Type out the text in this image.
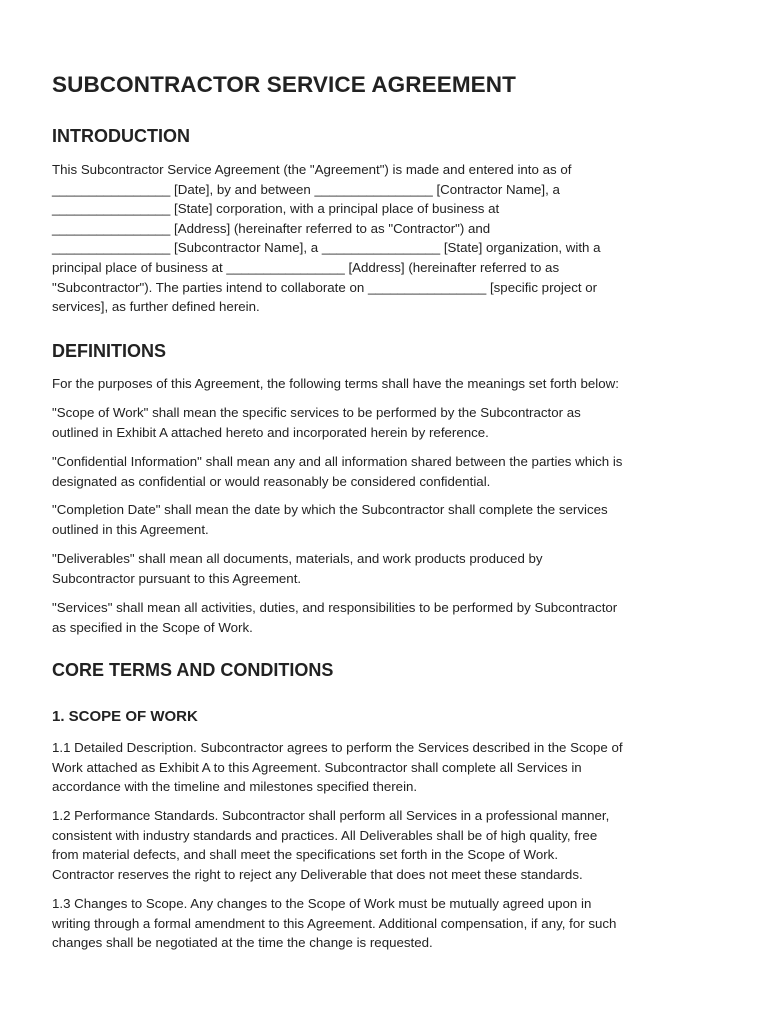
SUBCONTRACTOR SERVICE AGREEMENT
INTRODUCTION
This Subcontractor Service Agreement (the "Agreement") is made and entered into as of
________________ [Date], by and between ________________ [Contractor Name], a
________________ [State] corporation, with a principal place of business at
________________ [Address] (hereinafter referred to as "Contractor") and
________________ [Subcontractor Name], a ________________ [State] organization, with a
principal place of business at ________________ [Address] (hereinafter referred to as
"Subcontractor"). The parties intend to collaborate on ________________ [specific project or
services], as further defined herein.
DEFINITIONS
For the purposes of this Agreement, the following terms shall have the meanings set forth below:
"Scope of Work" shall mean the specific services to be performed by the Subcontractor as
outlined in Exhibit A attached hereto and incorporated herein by reference.
"Confidential Information" shall mean any and all information shared between the parties which is
designated as confidential or would reasonably be considered confidential.
"Completion Date" shall mean the date by which the Subcontractor shall complete the services
outlined in this Agreement.
"Deliverables" shall mean all documents, materials, and work products produced by
Subcontractor pursuant to this Agreement.
"Services" shall mean all activities, duties, and responsibilities to be performed by Subcontractor
as specified in the Scope of Work.
CORE TERMS AND CONDITIONS
1. SCOPE OF WORK
1.1 Detailed Description. Subcontractor agrees to perform the Services described in the Scope of
Work attached as Exhibit A to this Agreement. Subcontractor shall complete all Services in
accordance with the timeline and milestones specified therein.
1.2 Performance Standards. Subcontractor shall perform all Services in a professional manner,
consistent with industry standards and practices. All Deliverables shall be of high quality, free
from material defects, and shall meet the specifications set forth in the Scope of Work.
Contractor reserves the right to reject any Deliverable that does not meet these standards.
1.3 Changes to Scope. Any changes to the Scope of Work must be mutually agreed upon in
writing through a formal amendment to this Agreement. Additional compensation, if any, for such
changes shall be negotiated at the time the change is requested.
